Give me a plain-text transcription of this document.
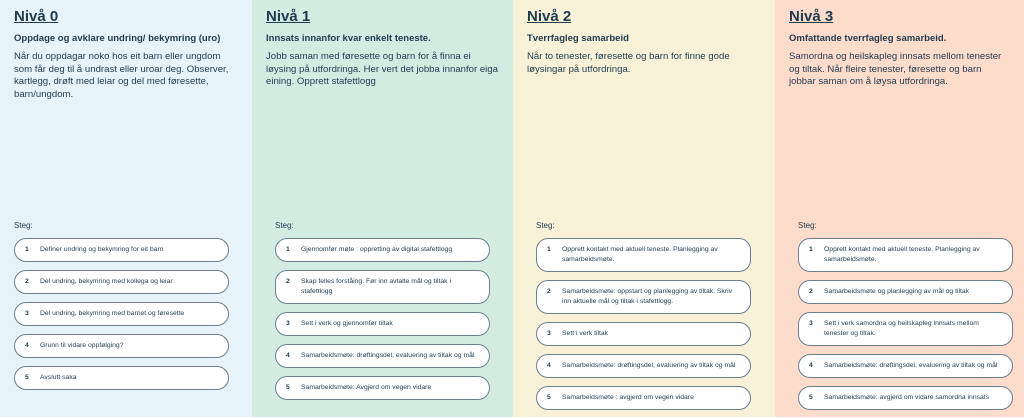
Nivå 0

Oppdage og avklare undring/ bekymring (uro)

Når du oppdagar noko hos eit barn eller ungdom som får deg til å undrast eller uroar deg. Observer, kartlegg, drøft med leiar og del med føresette, barn/ungdom.

Steg:
1	Definer undring og bekymring for eit barn
2	Del undring, bekymring med kollega og leiar
3	Del undring, bekymring med barnet og føresette
4	Grunn til vidare oppfølging?
5	Avslutt saka
Nivå 1

Innsats innanfor kvar enkelt teneste.

Jobb saman med føresette og barn for å finna ei løysing på utfordringa. Her vert det jobba innanfor eiga eining. Opprett stafettlogg

Steg:
1	Gjennomfør møte : oppretting av digital stafettlogg
2	Skap felles forståing. Før inn avtalte mål og tiltak i stafettlogg
3	Sett i verk og gjennomfør tiltak
4	Samarbeidsmøte: drøftingsdel, evaluering av tiltak og mål
5	Samarbeidsmøte: Avgjerd om vegen vidare
Nivå 2

Tverrfagleg samarbeid

Når to tenester, føresette og barn for finne gode løysingar på utfordringa.

Steg:
1	Opprett kontakt med aktuell teneste. Planlegging av samarbeidsmøte.
2	Samarbeidsmøte: oppstart og planlegging av tiltak. Skriv inn aktuelle mål og tiltak i stafettlogg.
3	Sett i verk tiltak
4	Samarbeidsmøte: drøftingsdel, evaluering av tiltak og mål
5	Samarbeidsmøte : avgjerd om vegen vidare
Nivå 3

Omfattande tverrfagleg samarbeid.

Samordna og heilskapleg innsats mellom tenester og tiltak. Når fleire tenester, føresette og barn jobbar saman om å løysa utfordringa.

Steg:
1	Opprett kontakt med aktuell teneste. Planlegging av samarbeidsmøte.
2	Samarbeidsmøte og planlegging av mål og tiltak
3	Sett i verk samordna og heilskapleg innsats mellom tenester og tiltak.
4	Samarbeidsmøte: drøftingsdel, evaluering av tiltak og mål
5	Samarbeidsmøte: avgjerd om vidare samordna innsats
